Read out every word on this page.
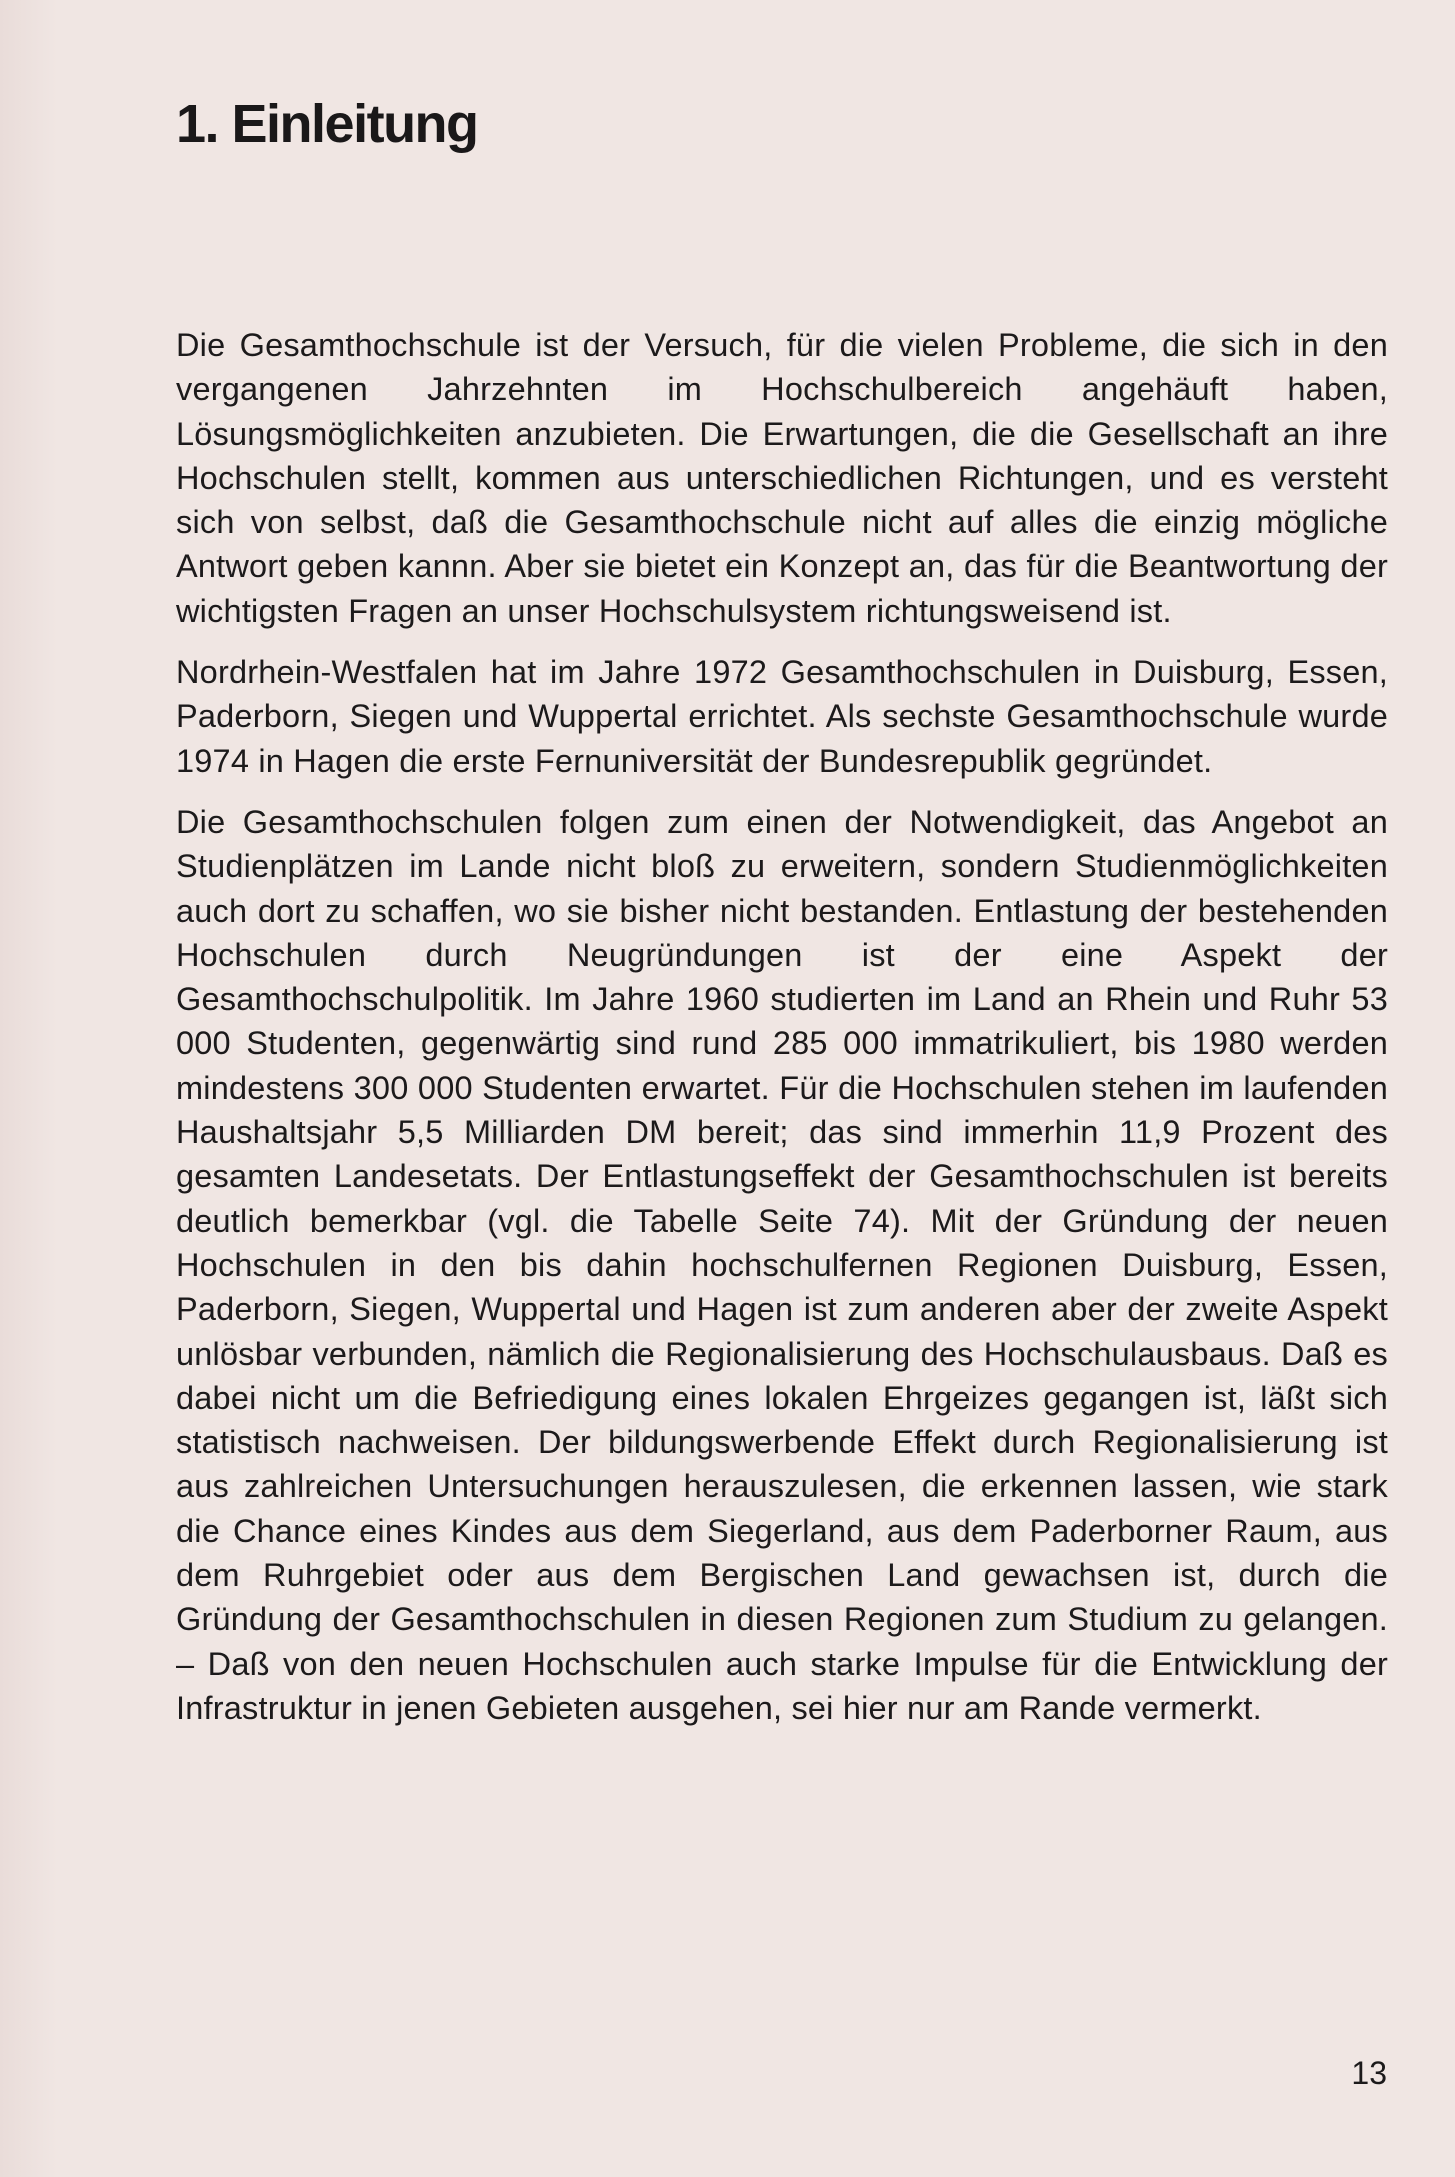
1. Einleitung

Die Gesamthochschule ist der Versuch, für die vielen Probleme, die sich in den vergangenen Jahrzehnten im Hochschulbereich angehäuft haben, Lösungsmöglichkeiten anzubieten. Die Erwartungen, die die Gesellschaft an ihre Hochschulen stellt, kommen aus unterschiedlichen Richtungen, und es versteht sich von selbst, daß die Gesamthochschule nicht auf alles die einzig mögliche Antwort geben kannn. Aber sie bietet ein Konzept an, das für die Beantwortung der wichtigsten Fragen an unser Hochschulsystem richtungsweisend ist.

Nordrhein-Westfalen hat im Jahre 1972 Gesamthochschulen in Duisburg, Essen, Paderborn, Siegen und Wuppertal errichtet. Als sechste Gesamthochschule wurde 1974 in Hagen die erste Fernuniversität der Bundesrepublik gegründet.

Die Gesamthochschulen folgen zum einen der Notwendigkeit, das Angebot an Studienplätzen im Lande nicht bloß zu erweitern, sondern Studienmöglichkeiten auch dort zu schaffen, wo sie bisher nicht bestanden. Entlastung der bestehenden Hochschulen durch Neugründungen ist der eine Aspekt der Gesamthochschulpolitik. Im Jahre 1960 studierten im Land an Rhein und Ruhr 53 000 Studenten, gegenwärtig sind rund 285 000 immatrikuliert, bis 1980 werden mindestens 300 000 Studenten erwartet. Für die Hochschulen stehen im laufenden Haushaltsjahr 5,5 Milliarden DM bereit; das sind immerhin 11,9 Prozent des gesamten Landesetats. Der Entlastungseffekt der Gesamthochschulen ist bereits deutlich bemerkbar (vgl. die Tabelle Seite 74). Mit der Gründung der neuen Hochschulen in den bis dahin hochschulfernen Regionen Duisburg, Essen, Paderborn, Siegen, Wuppertal und Hagen ist zum anderen aber der zweite Aspekt unlösbar verbunden, nämlich die Regionalisierung des Hochschulausbaus. Daß es dabei nicht um die Befriedigung eines lokalen Ehrgeizes gegangen ist, läßt sich statistisch nachweisen. Der bildungswerbende Effekt durch Regionalisierung ist aus zahlreichen Untersuchungen herauszulesen, die erkennen lassen, wie stark die Chance eines Kindes aus dem Siegerland, aus dem Paderborner Raum, aus dem Ruhrgebiet oder aus dem Bergischen Land gewachsen ist, durch die Gründung der Gesamthochschulen in diesen Regionen zum Studium zu gelangen. – Daß von den neuen Hochschulen auch starke Impulse für die Entwicklung der Infrastruktur in jenen Gebieten ausgehen, sei hier nur am Rande vermerkt.

13
